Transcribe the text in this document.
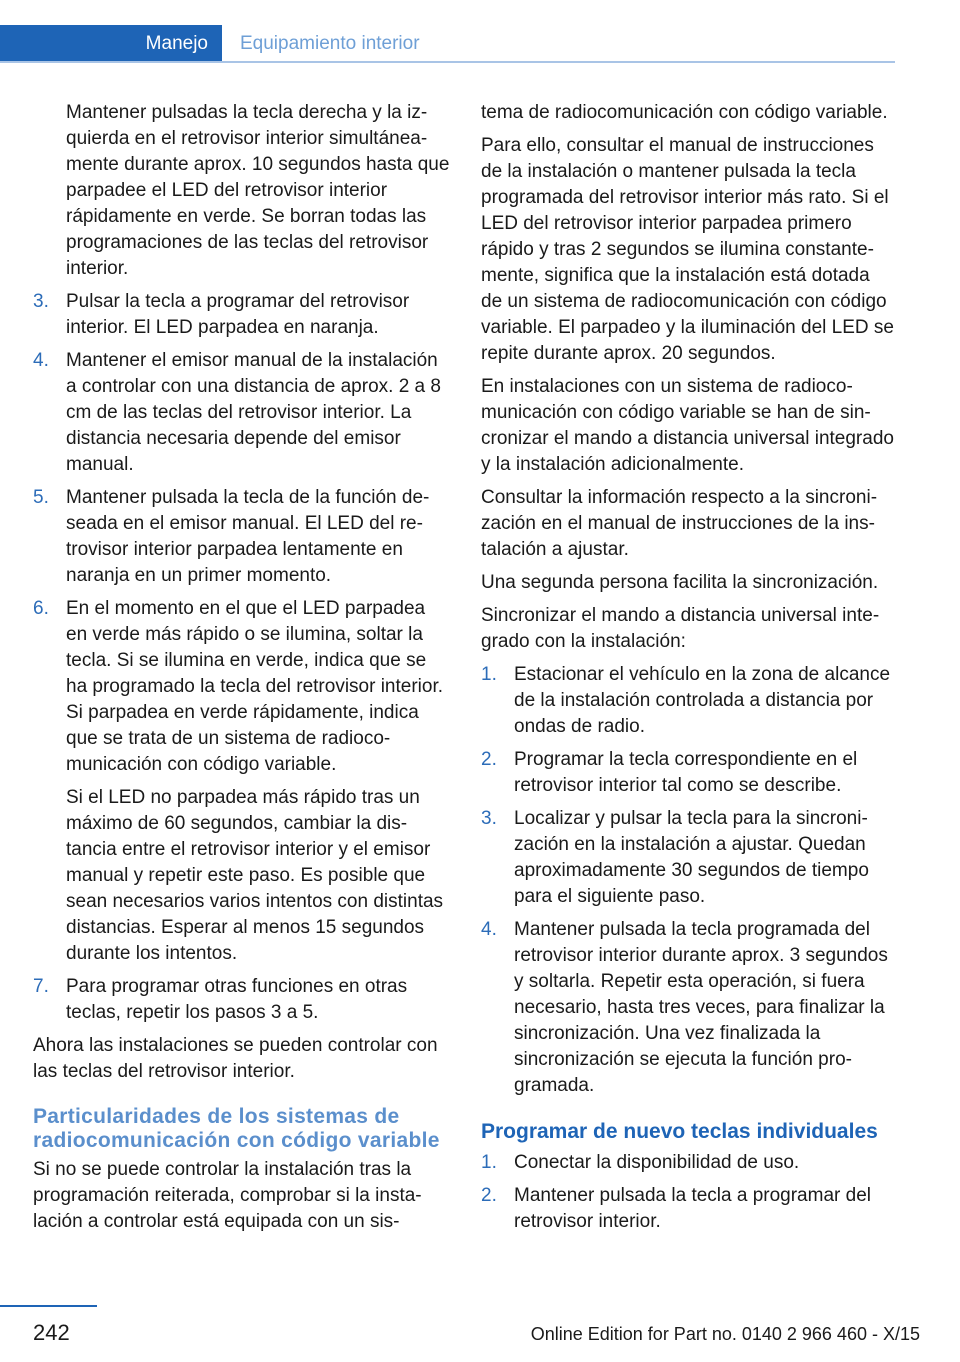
Manejo Equipamiento interior

Mantener pulsadas la tecla derecha y la izquierda en el retrovisor interior simultáneamente durante aprox. 10 segundos hasta que parpadee el LED del retrovisor interior rápidamente en verde. Se borran todas las programaciones de las teclas del retrovisor interior.

3. Pulsar la tecla a programar del retrovisor interior. El LED parpadea en naranja.

4. Mantener el emisor manual de la instalación a controlar con una distancia de aprox. 2 a 8 cm de las teclas del retrovisor interior. La distancia necesaria depende del emisor manual.

5. Mantener pulsada la tecla de la función deseada en el emisor manual. El LED del retrovisor interior parpadea lentamente en naranja en un primer momento.

6. En el momento en el que el LED parpadea en verde más rápido o se ilumina, soltar la tecla. Si se ilumina en verde, indica que se ha programado la tecla del retrovisor interior. Si parpadea en verde rápidamente, indica que se trata de un sistema de radiocomunicación con código variable.

Si el LED no parpadea más rápido tras un máximo de 60 segundos, cambiar la distancia entre el retrovisor interior y el emisor manual y repetir este paso. Es posible que sean necesarios varios intentos con distintas distancias. Esperar al menos 15 segundos durante los intentos.

7. Para programar otras funciones en otras teclas, repetir los pasos 3 a 5.

Ahora las instalaciones se pueden controlar con las teclas del retrovisor interior.

Particularidades de los sistemas de radiocomunicación con código variable

Si no se puede controlar la instalación tras la programación reiterada, comprobar si la instalación a controlar está equipada con un sis-

tema de radiocomunicación con código variable.

Para ello, consultar el manual de instrucciones de la instalación o mantener pulsada la tecla programada del retrovisor interior más rato. Si el LED del retrovisor interior parpadea primero rápido y tras 2 segundos se ilumina constantemente, significa que la instalación está dotada de un sistema de radiocomunicación con código variable. El parpadeo y la iluminación del LED se repite durante aprox. 20 segundos.

En instalaciones con un sistema de radiocomunicación con código variable se han de sincronizar el mando a distancia universal integrado y la instalación adicionalmente.

Consultar la información respecto a la sincronización en el manual de instrucciones de la instalación a ajustar.

Una segunda persona facilita la sincronización.

Sincronizar el mando a distancia universal integrado con la instalación:

1. Estacionar el vehículo en la zona de alcance de la instalación controlada a distancia por ondas de radio.

2. Programar la tecla correspondiente en el retrovisor interior tal como se describe.

3. Localizar y pulsar la tecla para la sincronización en la instalación a ajustar. Quedan aproximadamente 30 segundos de tiempo para el siguiente paso.

4. Mantener pulsada la tecla programada del retrovisor interior durante aprox. 3 segundos y soltarla. Repetir esta operación, si fuera necesario, hasta tres veces, para finalizar la sincronización. Una vez finalizada la sincronización se ejecuta la función programada.

Programar de nuevo teclas individuales
1. Conectar la disponibilidad de uso.

2. Mantener pulsada la tecla a programar del retrovisor interior.

242	Online Edition for Part no. 0140 2 966 460 - X/15
